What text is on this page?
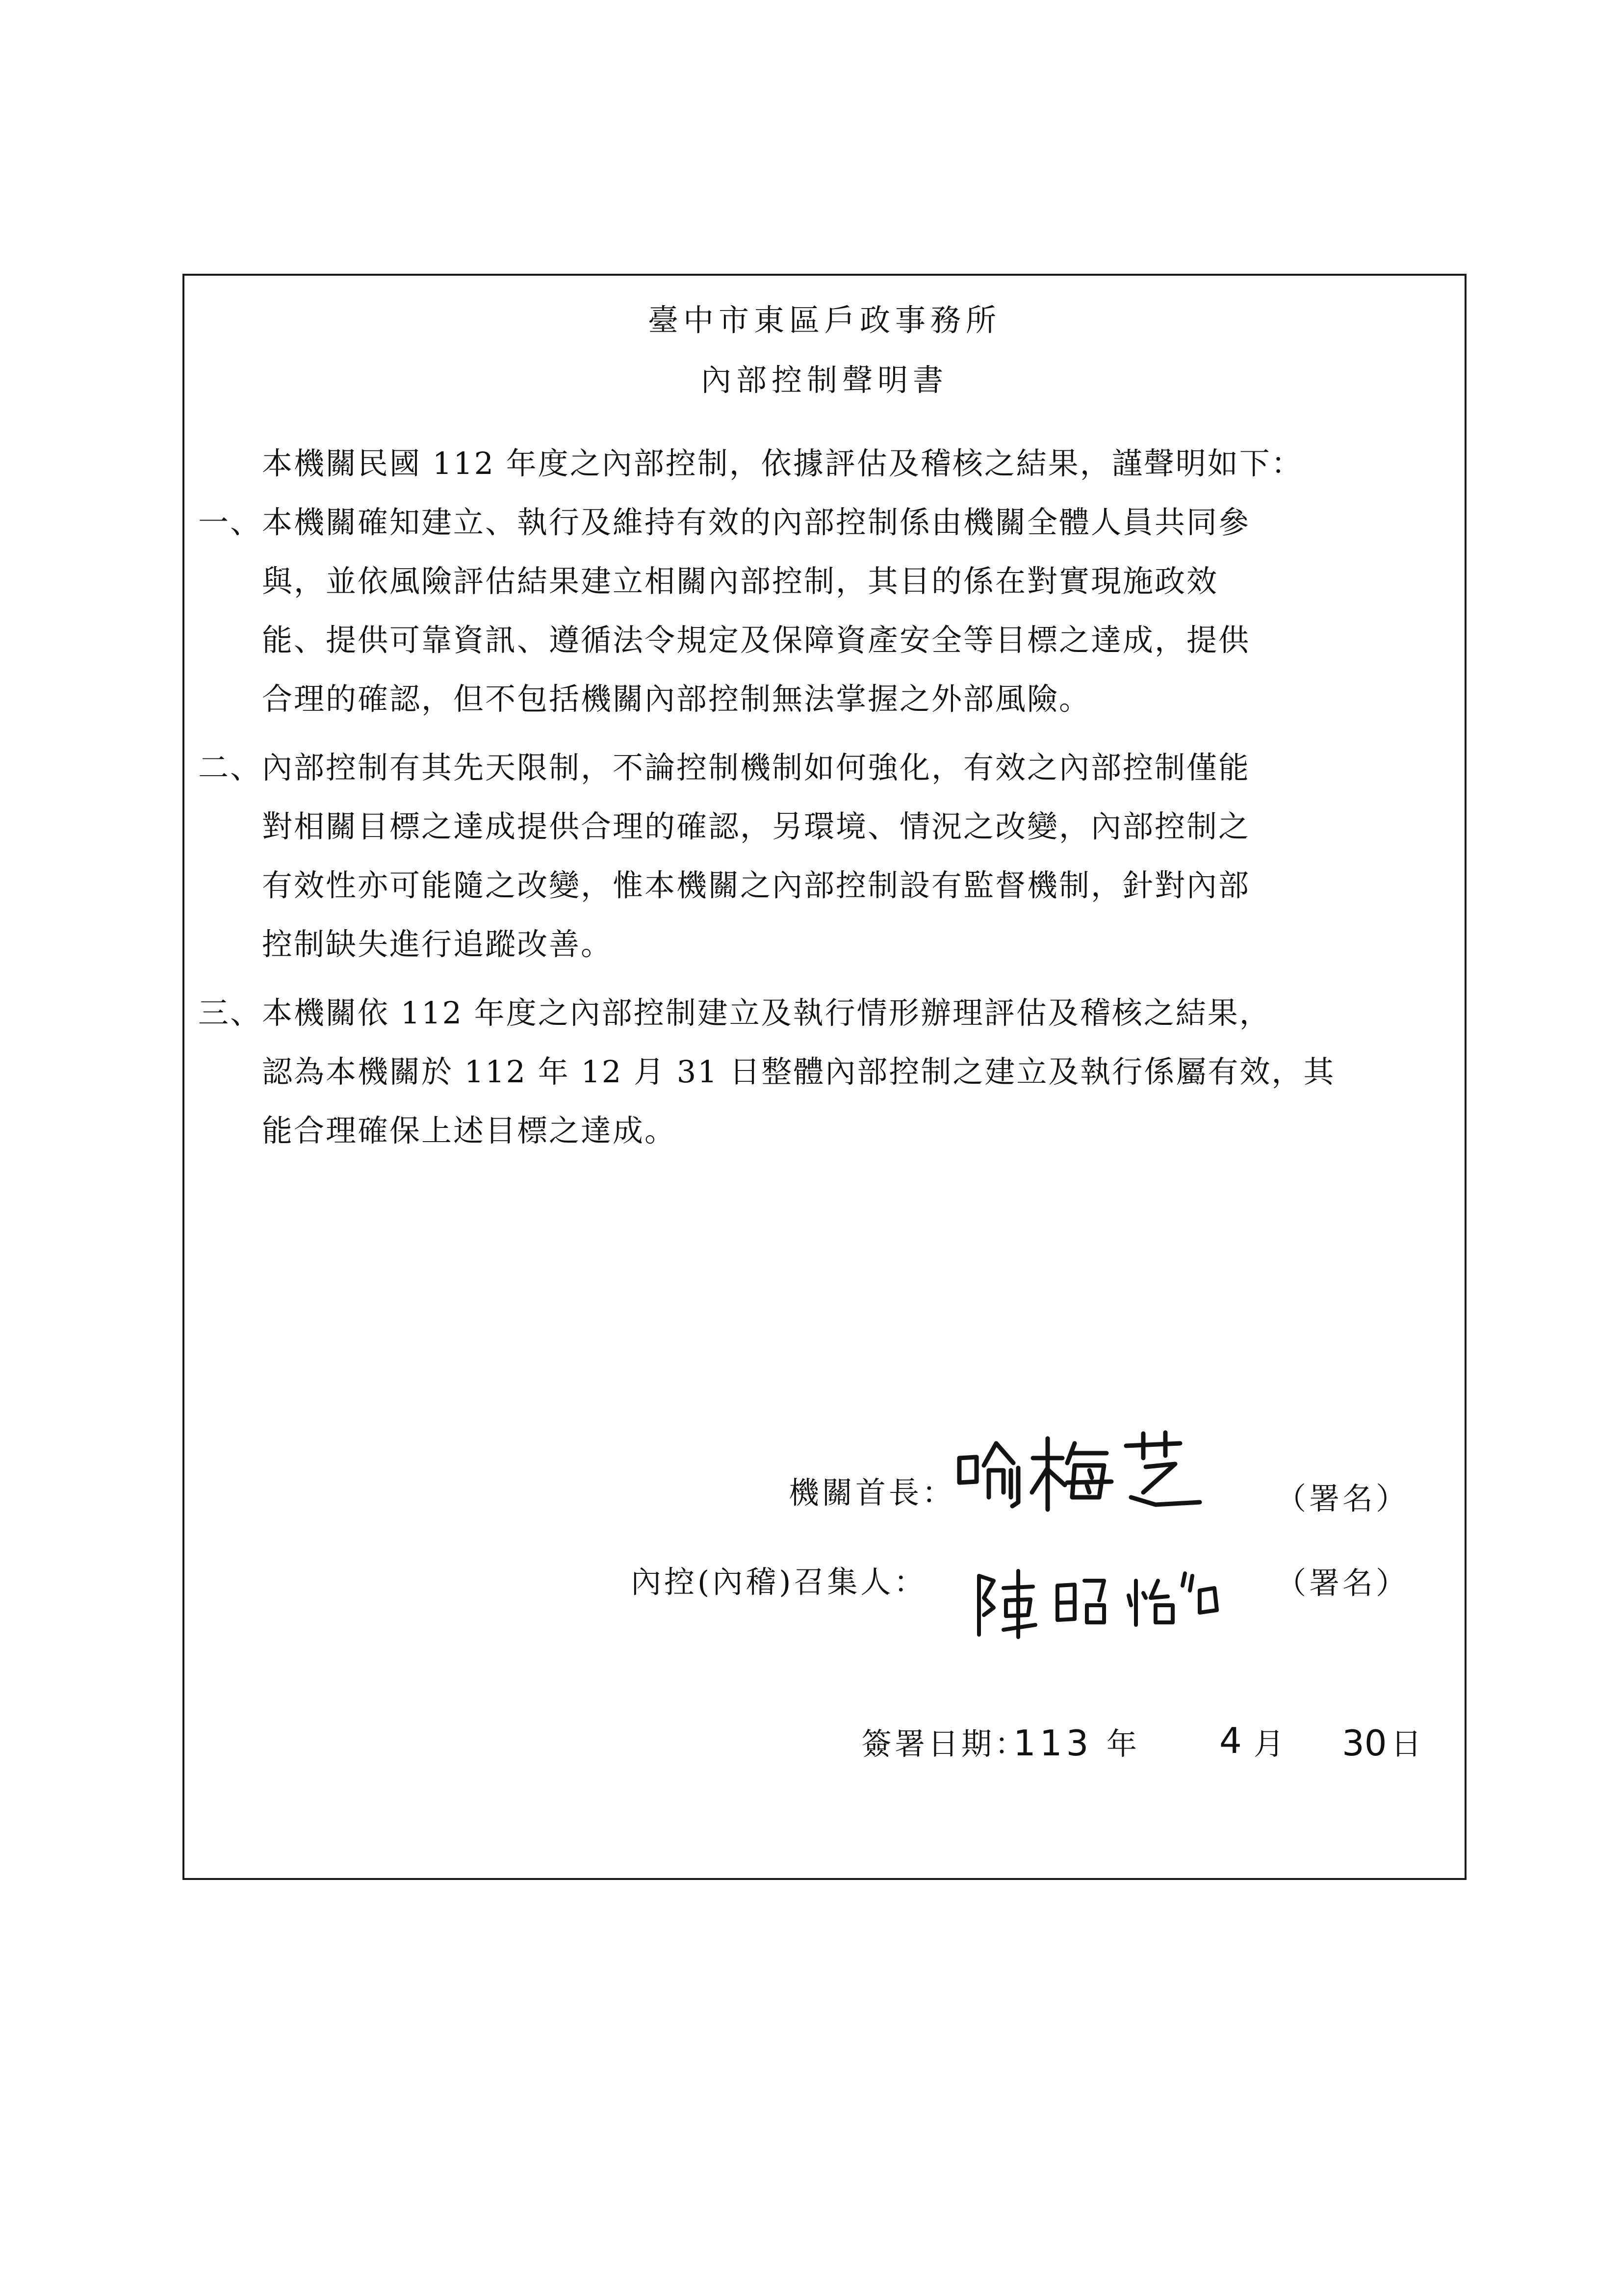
臺中市東區戶政事務所
內部控制聲明書
本機關民國 112 年度之內部控制，依據評估及稽核之結果，謹聲明如下：
一、 本機關確知建立、執行及維持有效的內部控制係由機關全體人員共同參
與，並依風險評估結果建立相關內部控制，其目的係在對實現施政效
能、提供可靠資訊、遵循法令規定及保障資產安全等目標之達成，提供
合理的確認，但不包括機關內部控制無法掌握之外部風險。
二、 內部控制有其先天限制，不論控制機制如何強化，有效之內部控制僅能
對相關目標之達成提供合理的確認，另環境、情況之改變，內部控制之
有效性亦可能隨之改變，惟本機關之內部控制設有監督機制，針對內部
控制缺失進行追蹤改善。
三、 本機關依 112 年度之內部控制建立及執行情形辦理評估及稽核之結果，
認為本機關於 112 年 12 月 31 日整體內部控制之建立及執行係屬有效，其
能合理確保上述目標之達成。
機關首長：	（署名）
內控(內稽)召集人：	（署名）
簽署日期：
113 年 4 月 30 日
